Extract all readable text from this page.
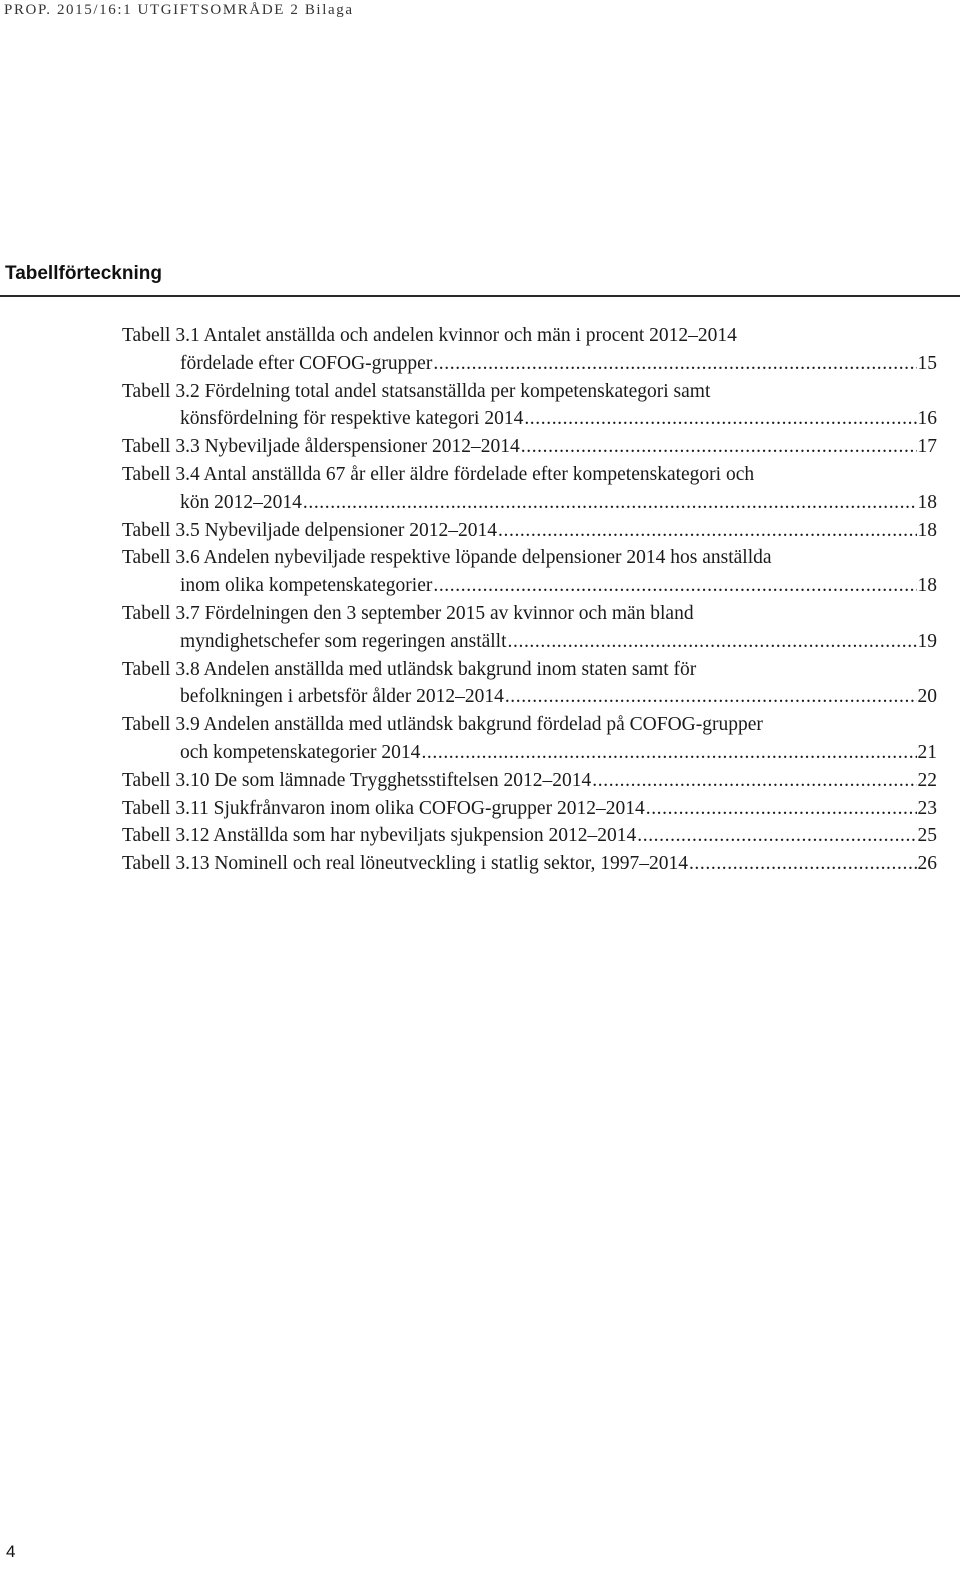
PROP. 2015/16:1 UTGIFTSOMRÅDE 2 Bilaga
Tabellförteckning
Tabell 3.1 Antalet anställda och andelen kvinnor och män i procent 2012–2014
fördelade efter COFOG-grupper .....	15
Tabell 3.2 Fördelning total andel statsanställda per kompetenskategori samt
könsfördelning för respektive kategori 2014 .....	16
Tabell 3.3 Nybeviljade ålderspensioner 2012–2014 .....	17
Tabell 3.4 Antal anställda 67 år eller äldre fördelade efter kompetenskategori och
kön 2012–2014 .....	18
Tabell 3.5 Nybeviljade delpensioner 2012–2014 .....	18
Tabell 3.6 Andelen nybeviljade respektive löpande delpensioner 2014 hos anställda
inom olika kompetenskategorier .....	18
Tabell 3.7 Fördelningen den 3 september 2015 av kvinnor och män bland
myndighetschefer som regeringen anställt .....	19
Tabell 3.8 Andelen anställda med utländsk bakgrund inom staten samt för
befolkningen i arbetsför ålder 2012–2014 .....	20
Tabell 3.9 Andelen anställda med utländsk bakgrund fördelad på COFOG-grupper
och kompetenskategorier 2014 .....	21
Tabell 3.10 De som lämnade Trygghetsstiftelsen 2012–2014 .....	22
Tabell 3.11 Sjukfrånvaron inom olika COFOG-grupper 2012–2014 .....	23
Tabell 3.12 Anställda som har nybeviljats sjukpension 2012–2014 .....	25
Tabell 3.13 Nominell och real löneutveckling i statlig sektor, 1997–2014 .....	26
4
